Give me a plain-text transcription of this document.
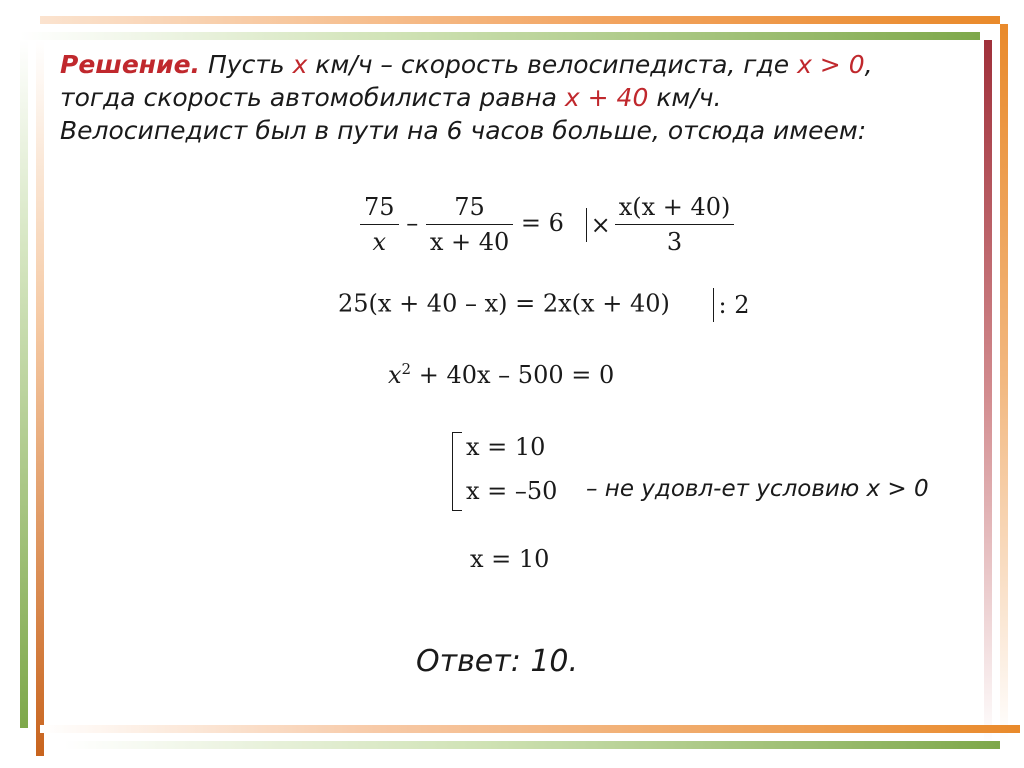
Решение. Пусть x км/ч – скорость велосипедиста, где x > 0,
тогда скорость автомобилиста равна x + 40 км/ч.
Велосипедист был в пути на 6 часов больше, отсюда имеем:
$\frac{75}{x} - \frac{75}{x + 40} = 6 \times \frac{x(x + 40)}{3}$
25(x + 40 – x) = 2x(x + 40) : 2
$x^2 + 40x - 500 = 0$
x = 10
x = –50 – не удовл-ет условию x > 0
x = 10
Ответ: 10.
